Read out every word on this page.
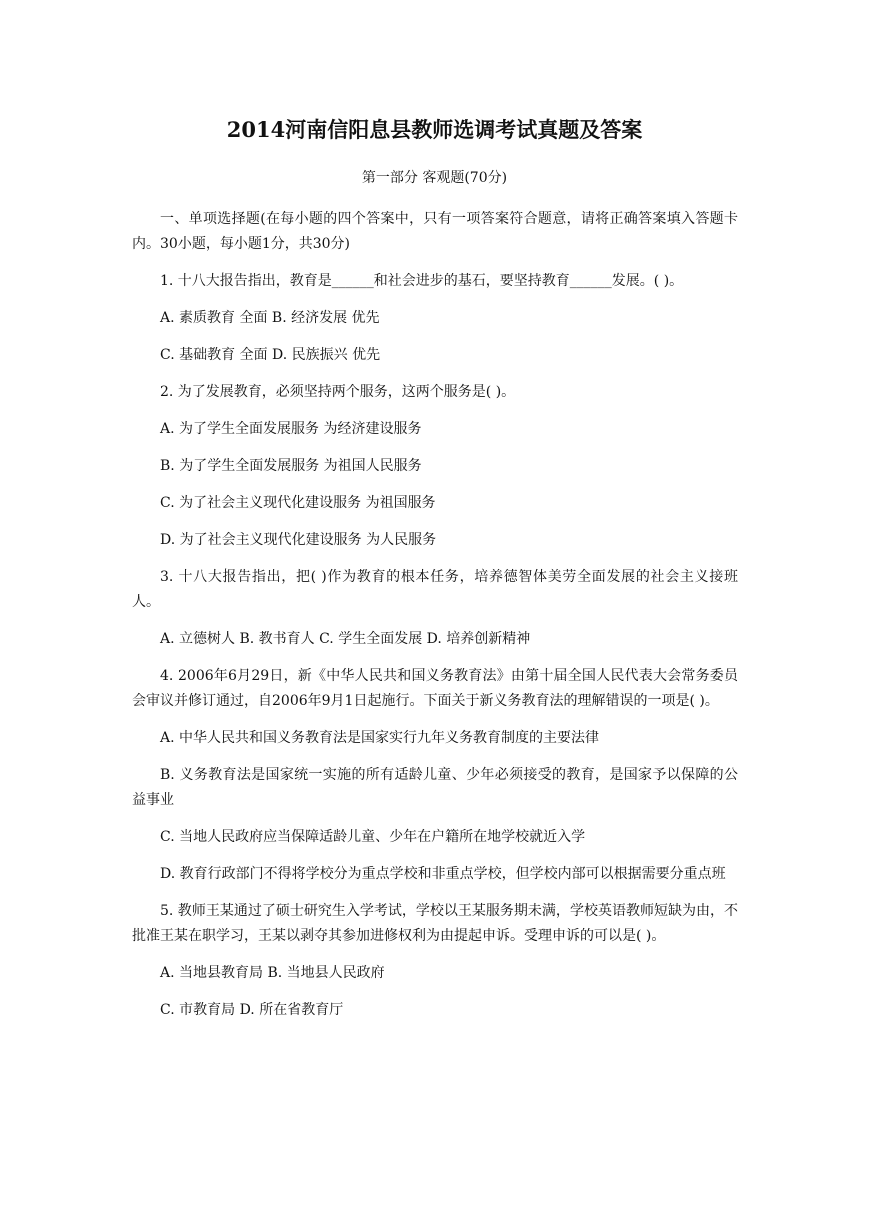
2014河南信阳息县教师选调考试真题及答案
第一部分 客观题(70分)

一、单项选择题(在每小题的四个答案中，只有一项答案符合题意，请将正确答案填入答题卡内。30小题，每小题1分，共30分)

1. 十八大报告指出，教育是______和社会进步的基石，要坚持教育______发展。( )。

A. 素质教育 全面 B. 经济发展 优先

C. 基础教育 全面 D. 民族振兴 优先

2. 为了发展教育，必须坚持两个服务，这两个服务是( )。

A. 为了学生全面发展服务 为经济建设服务

B. 为了学生全面发展服务 为祖国人民服务

C. 为了社会主义现代化建设服务 为祖国服务

D. 为了社会主义现代化建设服务 为人民服务

3. 十八大报告指出，把( )作为教育的根本任务，培养德智体美劳全面发展的社会主义接班人。

A. 立德树人 B. 教书育人 C. 学生全面发展 D. 培养创新精神

4. 2006年6月29日，新《中华人民共和国义务教育法》由第十届全国人民代表大会常务委员会审议并修订通过，自2006年9月1日起施行。下面关于新义务教育法的理解错误的一项是( )。

A. 中华人民共和国义务教育法是国家实行九年义务教育制度的主要法律

B. 义务教育法是国家统一实施的所有适龄儿童、少年必须接受的教育，是国家予以保障的公益事业

C. 当地人民政府应当保障适龄儿童、少年在户籍所在地学校就近入学

D. 教育行政部门不得将学校分为重点学校和非重点学校，但学校内部可以根据需要分重点班

5. 教师王某通过了硕士研究生入学考试，学校以王某服务期未满，学校英语教师短缺为由，不批准王某在职学习，王某以剥夺其参加进修权利为由提起申诉。受理申诉的可以是( )。

A. 当地县教育局 B. 当地县人民政府

C. 市教育局 D. 所在省教育厅
